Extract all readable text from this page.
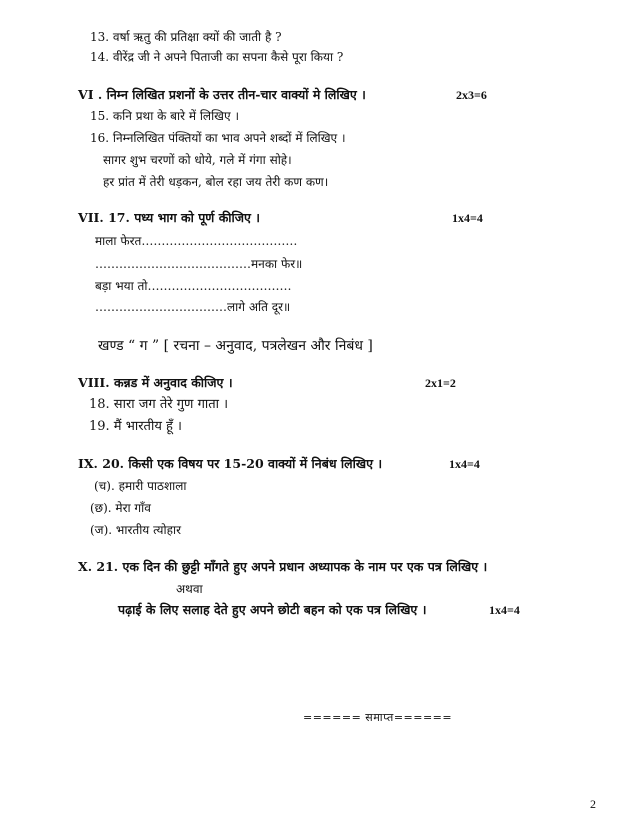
13. वर्षा ऋतु की प्रतिक्षा क्यों की जाती है ?
14. वीरेंद्र जी ने अपने पिताजी का सपना कैसे पूरा किया ?
VI . निम्न लिखित प्रशनों के उत्तर तीन-चार वाक्यों मे लिखिए ।	2x3=6
15. कनि प्रथा के बारे में लिखिए ।
16. निम्नलिखित पंक्तियों का भाव अपने शब्दों में लिखिए ।
सागर शुभ चरणों को धोये, गले में गंगा सोहे।
हर प्रांत में तेरी धड़कन, बोल रहा जय तेरी कण कण।
VII. 17. पध्य भाग को पूर्ण कीजिए ।	1x4=4
माला फेरत…………………………………
…………………………………मनका फेर॥
बड़ा भया तो………………………………
……………………………लागे अति दूर॥
खण्ड “ ग ” [ रचना – अनुवाद, पत्रलेखन और निबंध ]
VIII. कन्नड में अनुवाद कीजिए ।	2x1=2
18. सारा जग तेरे गुण गाता ।
19. मैं भारतीय हूँ ।
IX. 20. किसी एक विषय पर 15-20 वाक्यों में निबंध लिखिए ।	1x4=4
(च). हमारी पाठशाला
(छ). मेरा गाँव
(ज). भारतीय त्योहार
X. 21. एक दिन की छुट्टी माँगते हुए अपने प्रधान अध्यापक के नाम पर एक पत्र लिखिए ।
अथवा
पढ़ाई के लिए सलाह देते हुए अपने छोटी बहन को एक पत्र लिखिए ।	1x4=4
====== समाप्त======
2
